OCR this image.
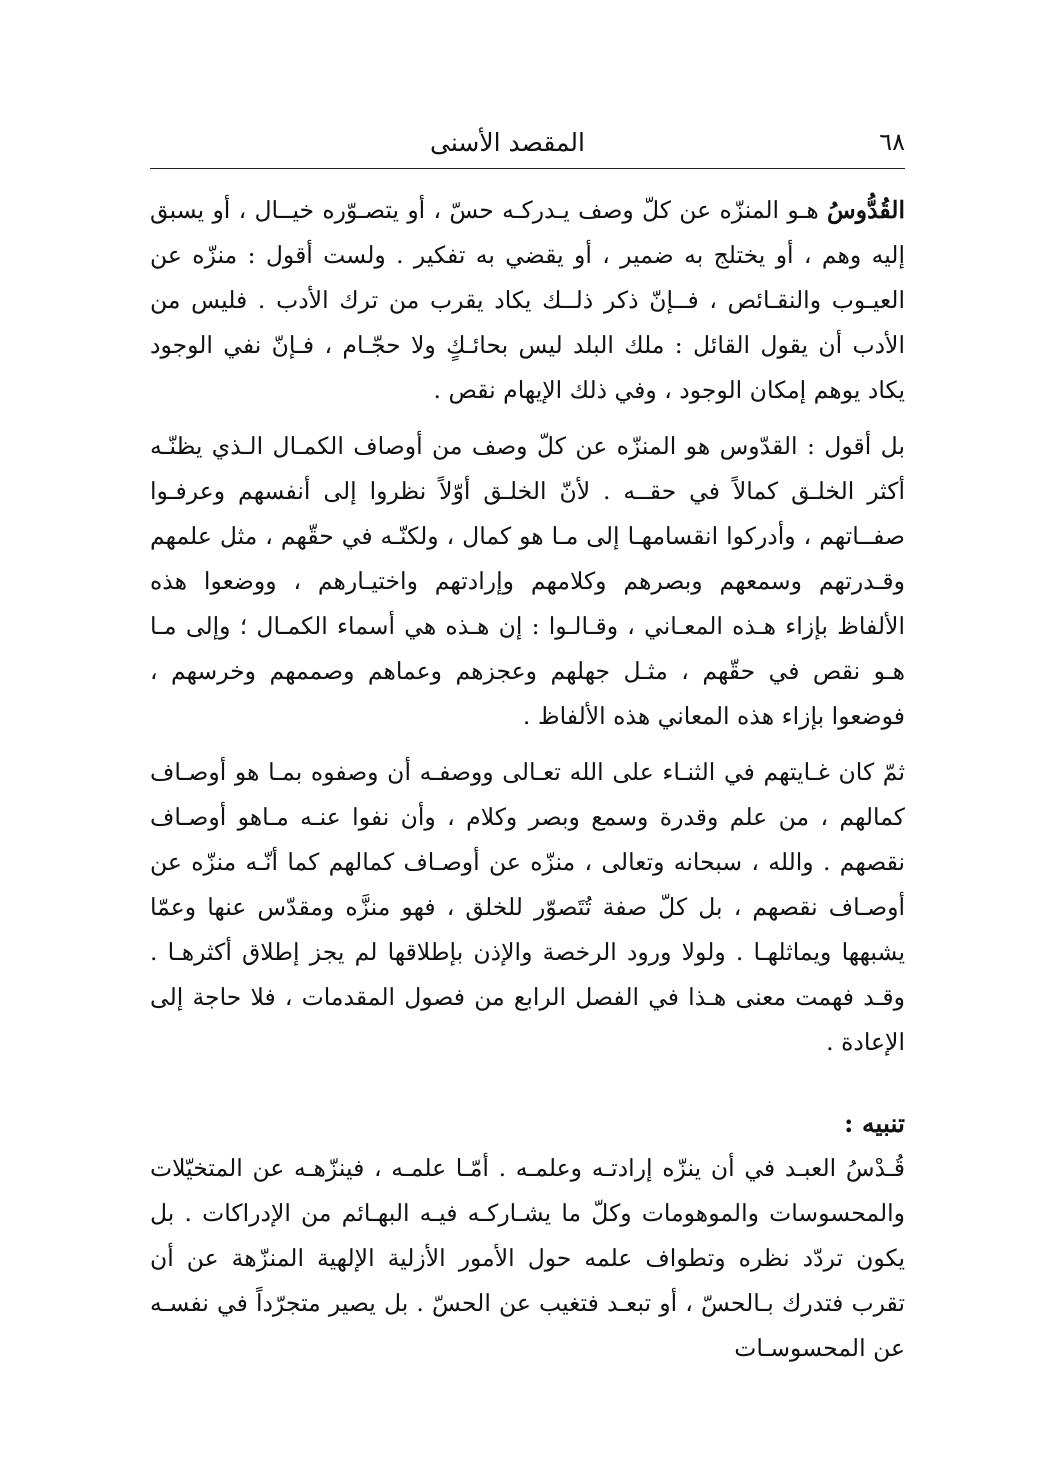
٦٨
المقصد الأسنى

القُدُّوسُ هـو المنزّه عن كلّ وصف يـدركـه حسّ ، أو يتصـوّره خيــال ، أو يسبق إليه وهم ، أو يختلج به ضمير ، أو يقضي به تفكير . ولست أقول : منزّه عن العيـوب والنقـائص ، فــإنّ ذكر ذلــك يكاد يقرب من ترك الأدب . فليس من الأدب أن يقول القائل : ملك البلد ليس بحائـكٍ ولا حجّـام ، فـإنّ نفي الوجود يكاد يوهم إمكان الوجود ، وفي ذلك الإيهام نقص .

بل أقول : القدّوس هو المنزّه عن كلّ وصف من أوصاف الكمـال الـذي يظنّـه أكثر الخلـق كمالاً في حقــه . لأنّ الخلـق أوّلاً نظروا إلى أنفسهم وعرفـوا صفــاتهم ، وأدركوا انقسامهـا إلى مـا هو كمال ، ولكنّـه في حقّهم ، مثل علمهم وقـدرتهم وسمعهم وبصرهم وكلامهم وإرادتهم واختيـارهم ، ووضعوا هذه الألفاظ بإزاء هـذه المعـاني ، وقـالـوا : إن هـذه هي أسماء الكمـال ؛ وإلى مـا هـو نقص في حقّهم ، مثـل جهلهم وعجزهم وعماهم وصممهم وخرسهم ، فوضعوا بإزاء هذه المعاني هذه الألفاظ .

ثمّ كان غـايتهم في الثنـاء على الله تعـالى ووصفـه أن وصفوه بمـا هو أوصـاف كمالهم ، من علم وقدرة وسمع وبصر وكلام ، وأن نفوا عنـه مـاهو أوصـاف نقصهم . والله ، سبحانه وتعالى ، منزّه عن أوصـاف كمالهم كما أنّـه منزّه عن أوصـاف نقصهم ، بل كلّ صفة تُتَصوّر للخلق ، فهو منزَّه ومقدّس عنها وعمّا يشبهها ويماثلهـا . ولولا ورود الرخصة والإذن بإطلاقها لم يجز إطلاق أكثرهـا . وقـد فهمت معنى هـذا في الفصل الرابع من فصول المقدمات ، فلا حاجة إلى الإعادة .

تنبيه :

قُـدْسُ العبـد في أن ينزّه إرادتـه وعلمـه . أمّـا علمـه ، فينزّهـه عن المتخيّلات والمحسوسات والموهومات وكلّ ما يشـاركـه فيـه البهـائم من الإدراكات . بل يكون تردّد نظره وتطواف علمه حول الأمور الأزلية الإلهية المنزّهة عن أن تقرب فتدرك بـالحسّ ، أو تبعـد فتغيب عن الحسّ . بل يصير متجرّداً في نفسـه عن المحسوسـات
